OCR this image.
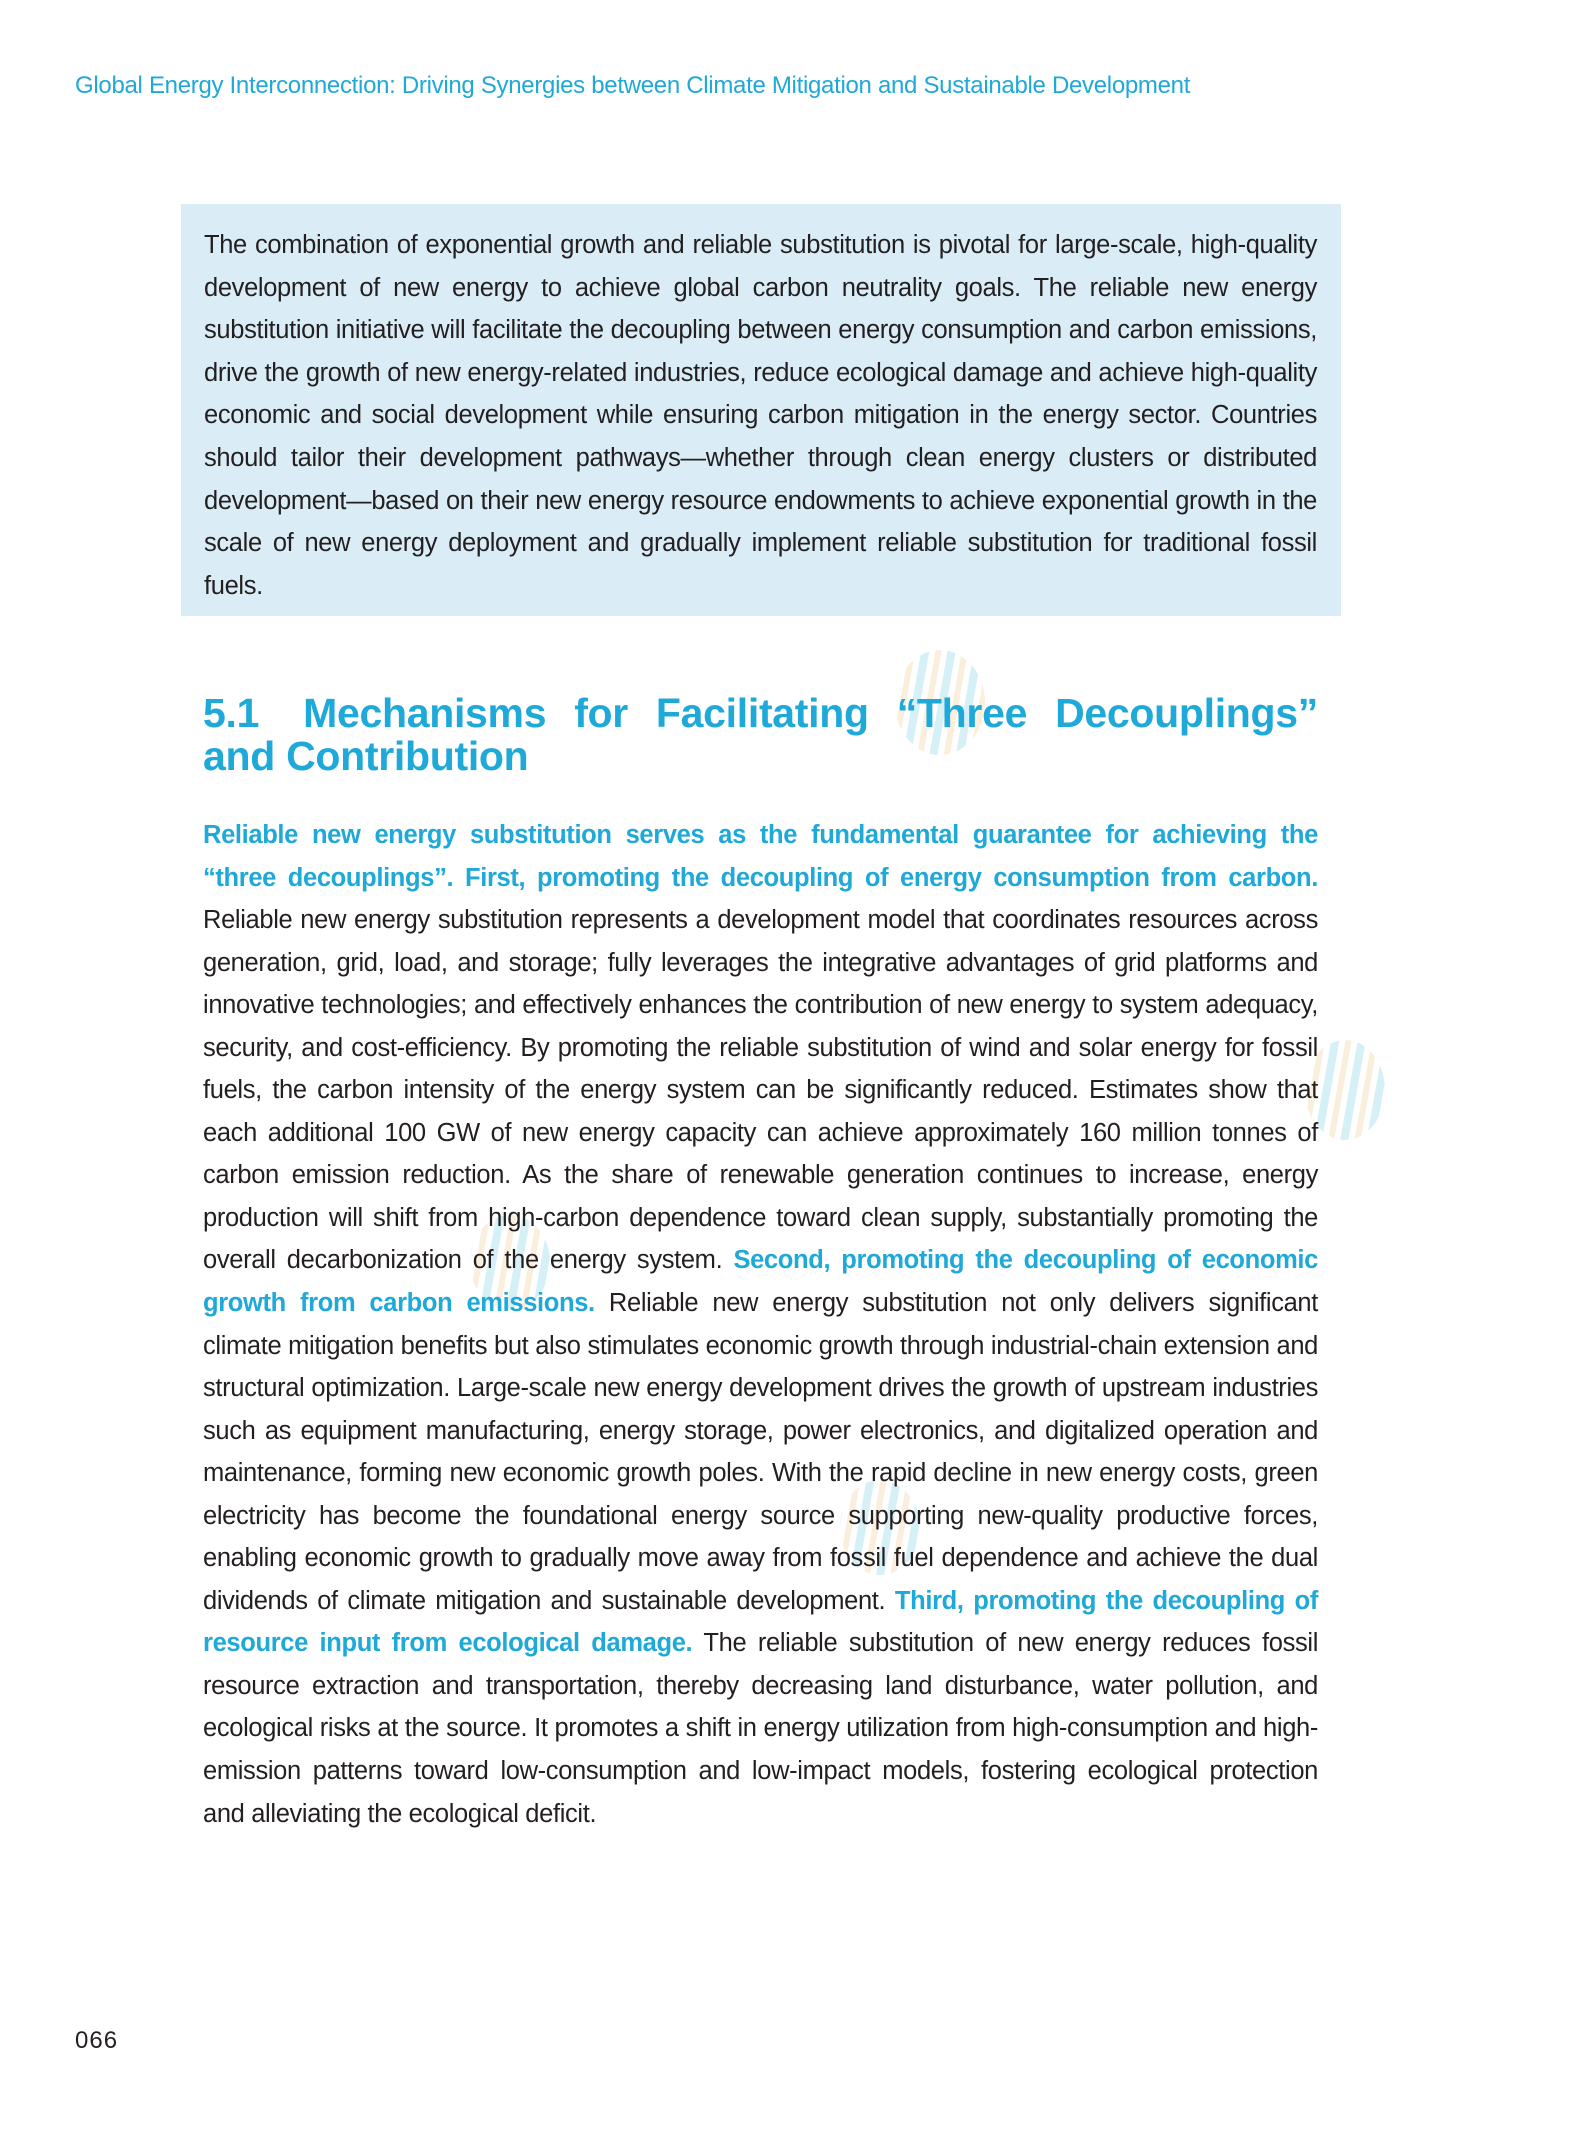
Global Energy Interconnection: Driving Synergies between Climate Mitigation and Sustainable Development

The combination of exponential growth and reliable substitution is pivotal for large-scale, high-quality development of new energy to achieve global carbon neutrality goals. The reliable new energy substitution initiative will facilitate the decoupling between energy consumption and carbon emissions, drive the growth of new energy-related industries, reduce ecological damage and achieve high-quality economic and social development while ensuring carbon mitigation in the energy sector. Countries should tailor their development pathways—whether through clean energy clusters or distributed development—based on their new energy resource endowments to achieve exponential growth in the scale of new energy deployment and gradually implement reliable substitution for traditional fossil fuels.

5.1 Mechanisms for Facilitating “Three Decouplings” and Contribution

Reliable new energy substitution serves as the fundamental guarantee for achieving the “three decouplings”. First, promoting the decoupling of energy consumption from carbon. Reliable new energy substitution represents a development model that coordinates resources across generation, grid, load, and storage; fully leverages the integrative advantages of grid platforms and innovative technologies; and effectively enhances the contribution of new energy to system adequacy, security, and cost-efficiency. By promoting the reliable substitution of wind and solar energy for fossil fuels, the carbon intensity of the energy system can be significantly reduced. Estimates show that each additional 100 GW of new energy capacity can achieve approximately 160 million tonnes of carbon emission reduction. As the share of renewable generation continues to increase, energy production will shift from high-carbon dependence toward clean supply, substantially promoting the overall decarbonization of the energy system. Second, promoting the decoupling of economic growth from carbon emissions. Reliable new energy substitution not only delivers significant climate mitigation benefits but also stimulates economic growth through industrial-chain extension and structural optimization. Large-scale new energy development drives the growth of upstream industries such as equipment manufacturing, energy storage, power electronics, and digitalized operation and maintenance, forming new economic growth poles. With the rapid decline in new energy costs, green electricity has become the foundational energy source supporting new-quality productive forces, enabling economic growth to gradually move away from fossil fuel dependence and achieve the dual dividends of climate mitigation and sustainable development. Third, promoting the decoupling of resource input from ecological damage. The reliable substitution of new energy reduces fossil resource extraction and transportation, thereby decreasing land disturbance, water pollution, and ecological risks at the source. It promotes a shift in energy utilization from high-consumption and high-emission patterns toward low-consumption and low-impact models, fostering ecological protection and alleviating the ecological deficit.

066
